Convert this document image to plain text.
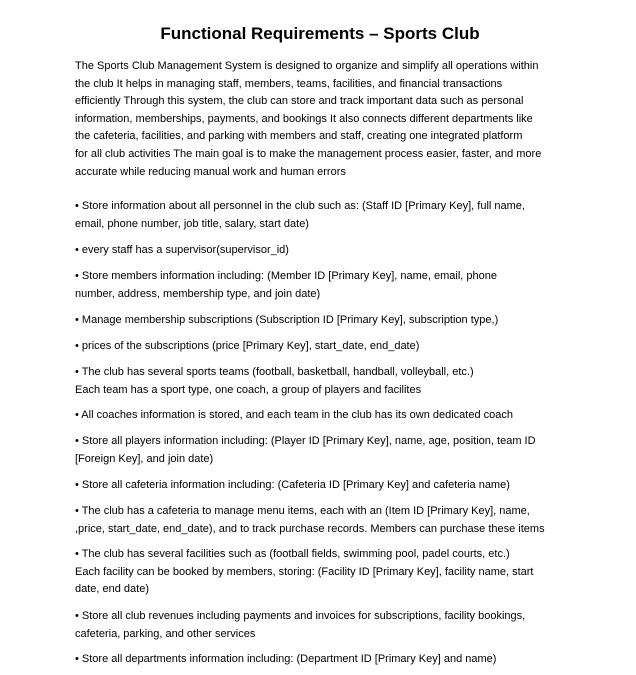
Functional Requirements – Sports Club
The Sports Club Management System is designed to organize and simplify all operations within
the club It helps in managing staff, members, teams, facilities, and financial transactions
efficiently Through this system, the club can store and track important data such as personal
information, memberships, payments, and bookings It also connects different departments like
the cafeteria, facilities, and parking with members and staff, creating one integrated platform
for all club activities The main goal is to make the management process easier, faster, and more
accurate while reducing manual work and human errors
• Store information about all personnel in the club such as: (Staff ID [Primary Key], full name,
email, phone number, job title, salary, start date)
• every staff has a supervisor(supervisor_id)
• Store members information including: (Member ID [Primary Key], name, email, phone
number, address, membership type, and join date)
• Manage membership subscriptions (Subscription ID [Primary Key], subscription type,)
• prices of the subscriptions (price [Primary Key], start_date, end_date)
• The club has several sports teams (football, basketball, handball, volleyball, etc.)
Each team has a sport type, one coach, a group of players and facilites
• All coaches information is stored, and each team in the club has its own dedicated coach
• Store all players information including: (Player ID [Primary Key], name, age, position, team ID
[Foreign Key], and join date)
• Store all cafeteria information including: (Cafeteria ID [Primary Key] and cafeteria name)
• The club has a cafeteria to manage menu items, each with an (Item ID [Primary Key], name,
,price, start_date, end_date), and to track purchase records. Members can purchase these items
• The club has several facilities such as (football fields, swimming pool, padel courts, etc.)
Each facility can be booked by members, storing: (Facility ID [Primary Key], facility name, start
date, end date)
• Store all club revenues including payments and invoices for subscriptions, facility bookings,
cafeteria, parking, and other services
• Store all departments information including: (Department ID [Primary Key] and name)
